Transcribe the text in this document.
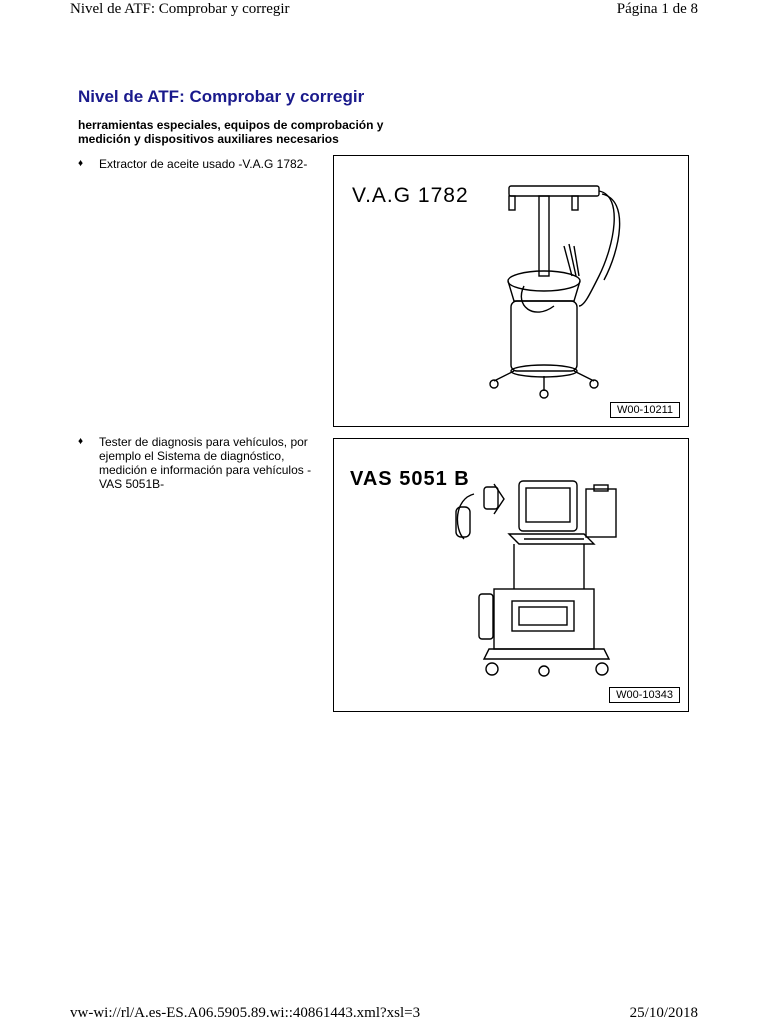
Nivel de ATF: Comprobar y corregir	Página 1 de 8
Nivel de ATF: Comprobar y corregir
herramientas especiales, equipos de comprobación y medición y dispositivos auxiliares necesarios
♦ Extractor de aceite usado -V.A.G 1782-
V.A.G 1782
W00-10211
♦ Tester de diagnosis para vehículos, por ejemplo el Sistema de diagnóstico, medición e información para vehículos -VAS 5051B-	VAS 5051 B
W00-10343
vw-wi://rl/A.es-ES.A06.5905.89.wi::40861443.xml?xsl=3	25/10/2018
